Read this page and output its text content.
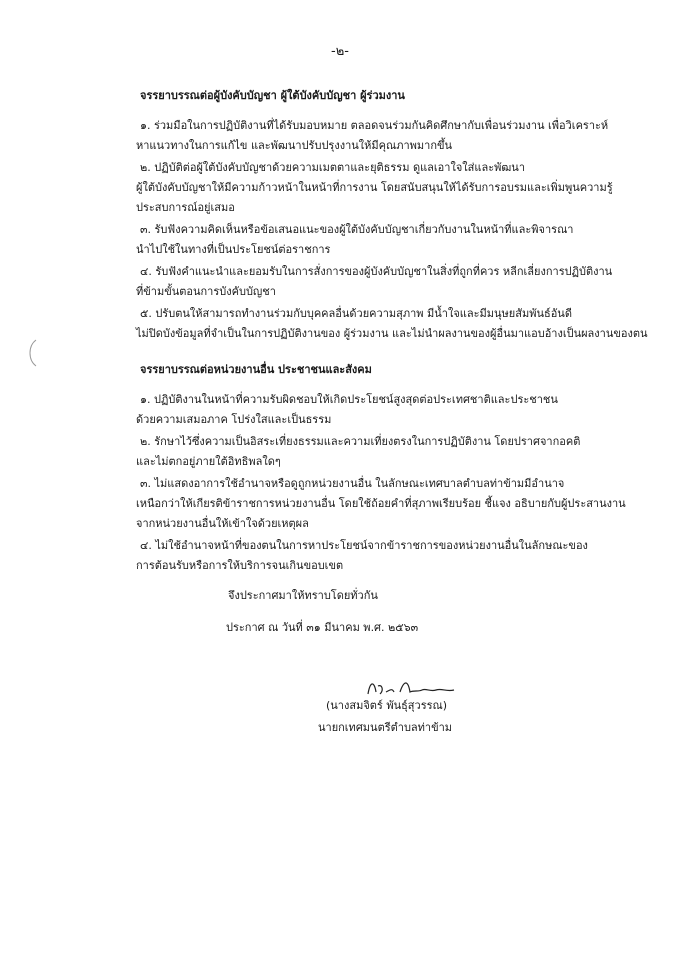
-๒-
จรรยาบรรณต่อผู้บังคับบัญชา ผู้ใต้บังคับบัญชา ผู้ร่วมงาน
๑. ร่วมมือในการปฏิบัติงานที่ได้รับมอบหมาย ตลอดจนร่วมกันคิดศึกษากับเพื่อนร่วมงาน เพื่อวิเคราะห์
หาแนวทางในการแก้ไข และพัฒนาปรับปรุงงานให้มีคุณภาพมากขึ้น
๒. ปฏิบัติต่อผู้ใต้บังคับบัญชาด้วยความเมตตาและยุติธรรม ดูแลเอาใจใส่และพัฒนา
ผู้ใต้บังคับบัญชาให้มีความก้าวหน้าในหน้าที่การงาน โดยสนับสนุนให้ได้รับการอบรมและเพิ่มพูนความรู้
ประสบการณ์อยู่เสมอ
๓. รับฟังความคิดเห็นหรือข้อเสนอแนะของผู้ใต้บังคับบัญชาเกี่ยวกับงานในหน้าที่และพิจารณา
นำไปใช้ในทางที่เป็นประโยชน์ต่อราชการ
๔. รับฟังคำแนะนำและยอมรับในการสั่งการของผู้บังคับบัญชาในสิ่งที่ถูกที่ควร หลีกเลี่ยงการปฏิบัติงาน
ที่ข้ามขั้นตอนการบังคับบัญชา
๕. ปรับตนให้สามารถทำงานร่วมกับบุคคลอื่นด้วยความสุภาพ มีน้ำใจและมีมนุษยสัมพันธ์อันดี
ไม่ปิดบังข้อมูลที่จำเป็นในการปฏิบัติงานของ ผู้ร่วมงาน และไม่นำผลงานของผู้อื่นมาแอบอ้างเป็นผลงานของตน
จรรยาบรรณต่อหน่วยงานอื่น ประชาชนและสังคม
๑. ปฏิบัติงานในหน้าที่ความรับผิดชอบให้เกิดประโยชน์สูงสุดต่อประเทศชาติและประชาชน
ด้วยความเสมอภาค โปร่งใสและเป็นธรรม
๒. รักษาไว้ซึ่งความเป็นอิสระเที่ยงธรรมและความเที่ยงตรงในการปฏิบัติงาน โดยปราศจากอคติ
และไม่ตกอยู่ภายใต้อิทธิพลใดๆ
๓. ไม่แสดงอาการใช้อำนาจหรือดูถูกหน่วยงานอื่น ในลักษณะเทศบาลตำบลท่าข้ามมีอำนาจ
เหนือกว่าให้เกียรติข้าราชการหน่วยงานอื่น โดยใช้ถ้อยคำที่สุภาพเรียบร้อย ชี้แจง อธิบายกับผู้ประสานงาน
จากหน่วยงานอื่นให้เข้าใจด้วยเหตุผล
๔. ไม่ใช้อำนาจหน้าที่ของตนในการหาประโยชน์จากข้าราชการของหน่วยงานอื่นในลักษณะของ
การต้อนรับหรือการให้บริการจนเกินขอบเขต
จึงประกาศมาให้ทราบโดยทั่วกัน
ประกาศ ณ วันที่ ๓๑ มีนาคม พ.ศ. ๒๕๖๓
(นางสมจิตร์ พันธุ์สุวรรณ)
นายกเทศมนตรีตำบลท่าข้าม
